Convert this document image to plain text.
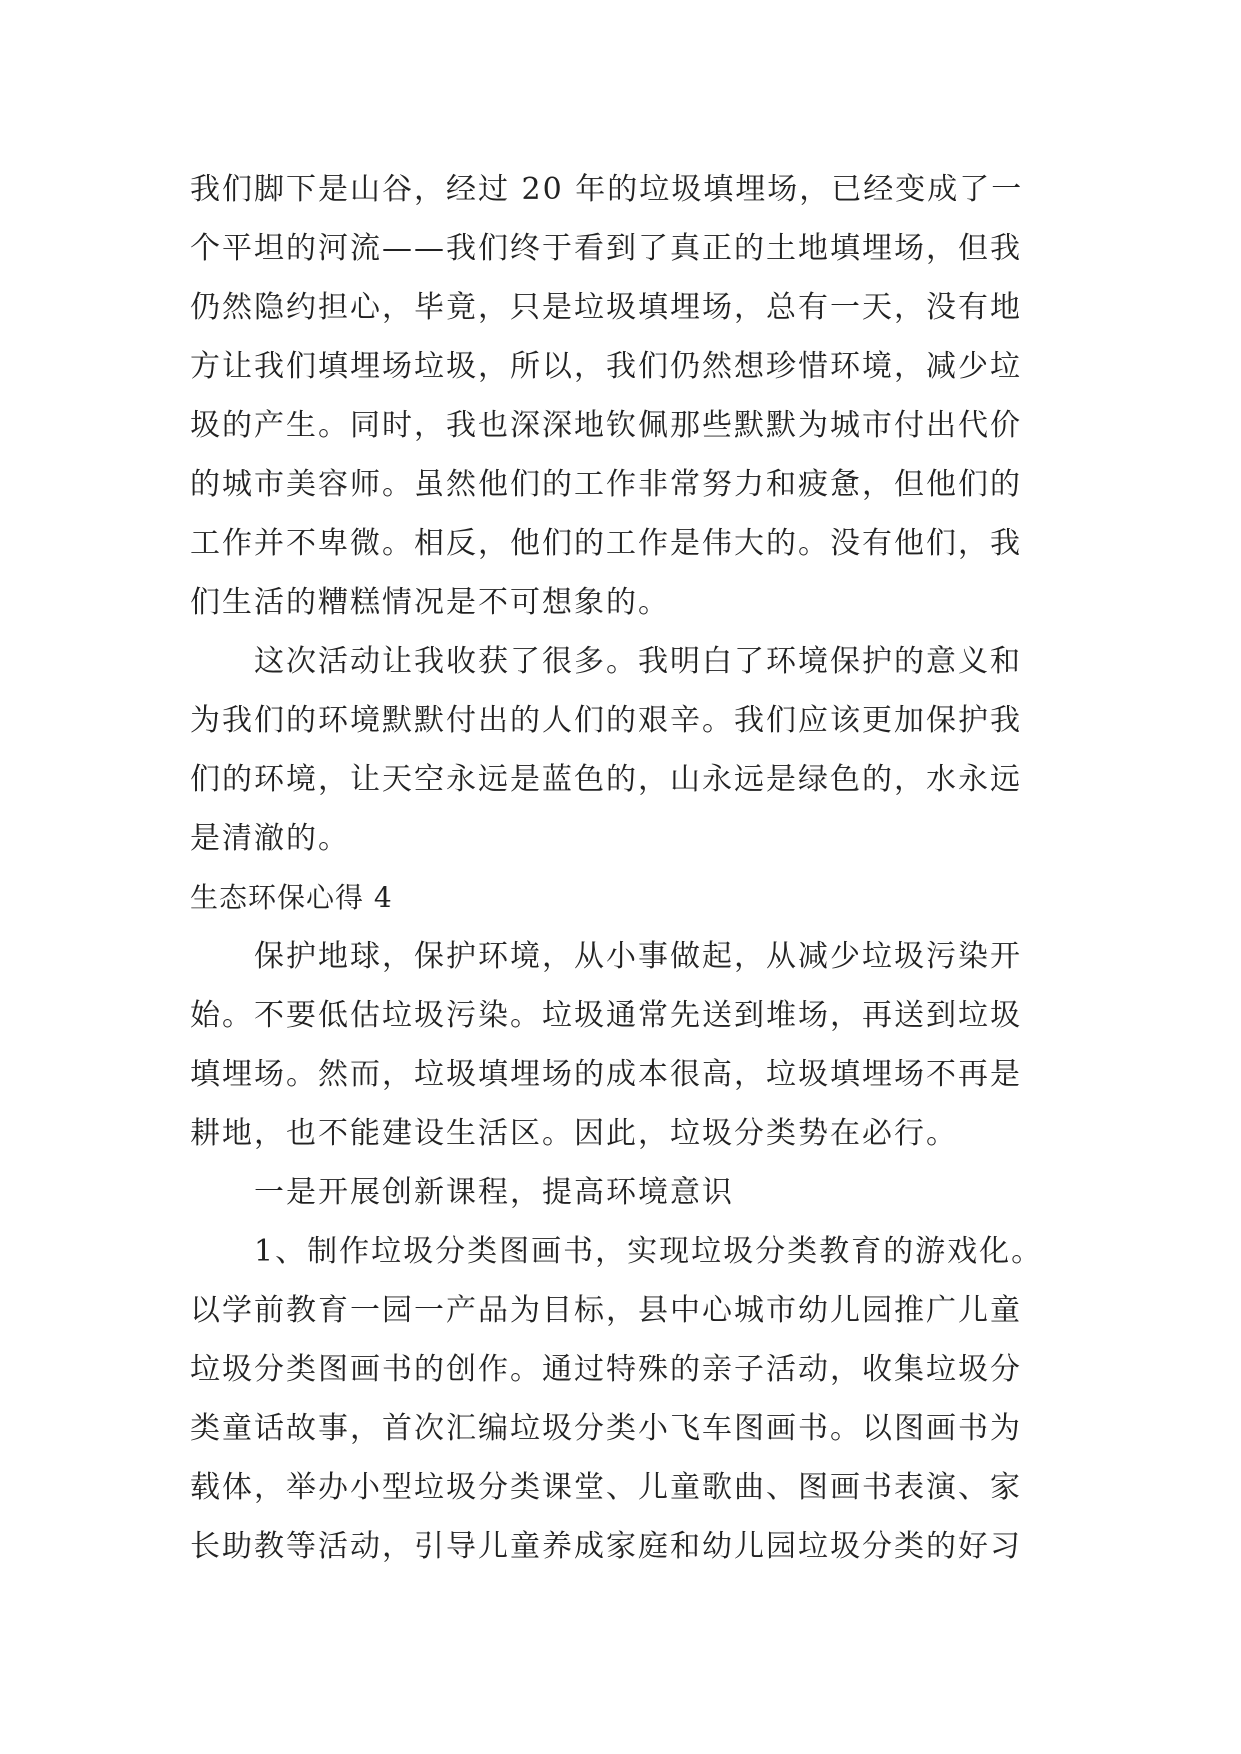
我们脚下是山谷，经过 20 年的垃圾填埋场，已经变成了一
个平坦的河流——我们终于看到了真正的土地填埋场，但我
仍然隐约担心，毕竟，只是垃圾填埋场，总有一天，没有地
方让我们填埋场垃圾，所以，我们仍然想珍惜环境，减少垃
圾的产生。同时，我也深深地钦佩那些默默为城市付出代价
的城市美容师。虽然他们的工作非常努力和疲惫，但他们的
工作并不卑微。相反，他们的工作是伟大的。没有他们，我
们生活的糟糕情况是不可想象的。
这次活动让我收获了很多。我明白了环境保护的意义和
为我们的环境默默付出的人们的艰辛。我们应该更加保护我
们的环境，让天空永远是蓝色的，山永远是绿色的，水永远
是清澈的。
生态环保心得 4
保护地球，保护环境，从小事做起，从减少垃圾污染开
始。不要低估垃圾污染。垃圾通常先送到堆场，再送到垃圾
填埋场。然而，垃圾填埋场的成本很高，垃圾填埋场不再是
耕地，也不能建设生活区。因此，垃圾分类势在必行。
一是开展创新课程，提高环境意识
1、制作垃圾分类图画书，实现垃圾分类教育的游戏化。
以学前教育一园一产品为目标，县中心城市幼儿园推广儿童
垃圾分类图画书的创作。通过特殊的亲子活动，收集垃圾分
类童话故事，首次汇编垃圾分类小飞车图画书。以图画书为
载体，举办小型垃圾分类课堂、儿童歌曲、图画书表演、家
长助教等活动，引导儿童养成家庭和幼儿园垃圾分类的好习
